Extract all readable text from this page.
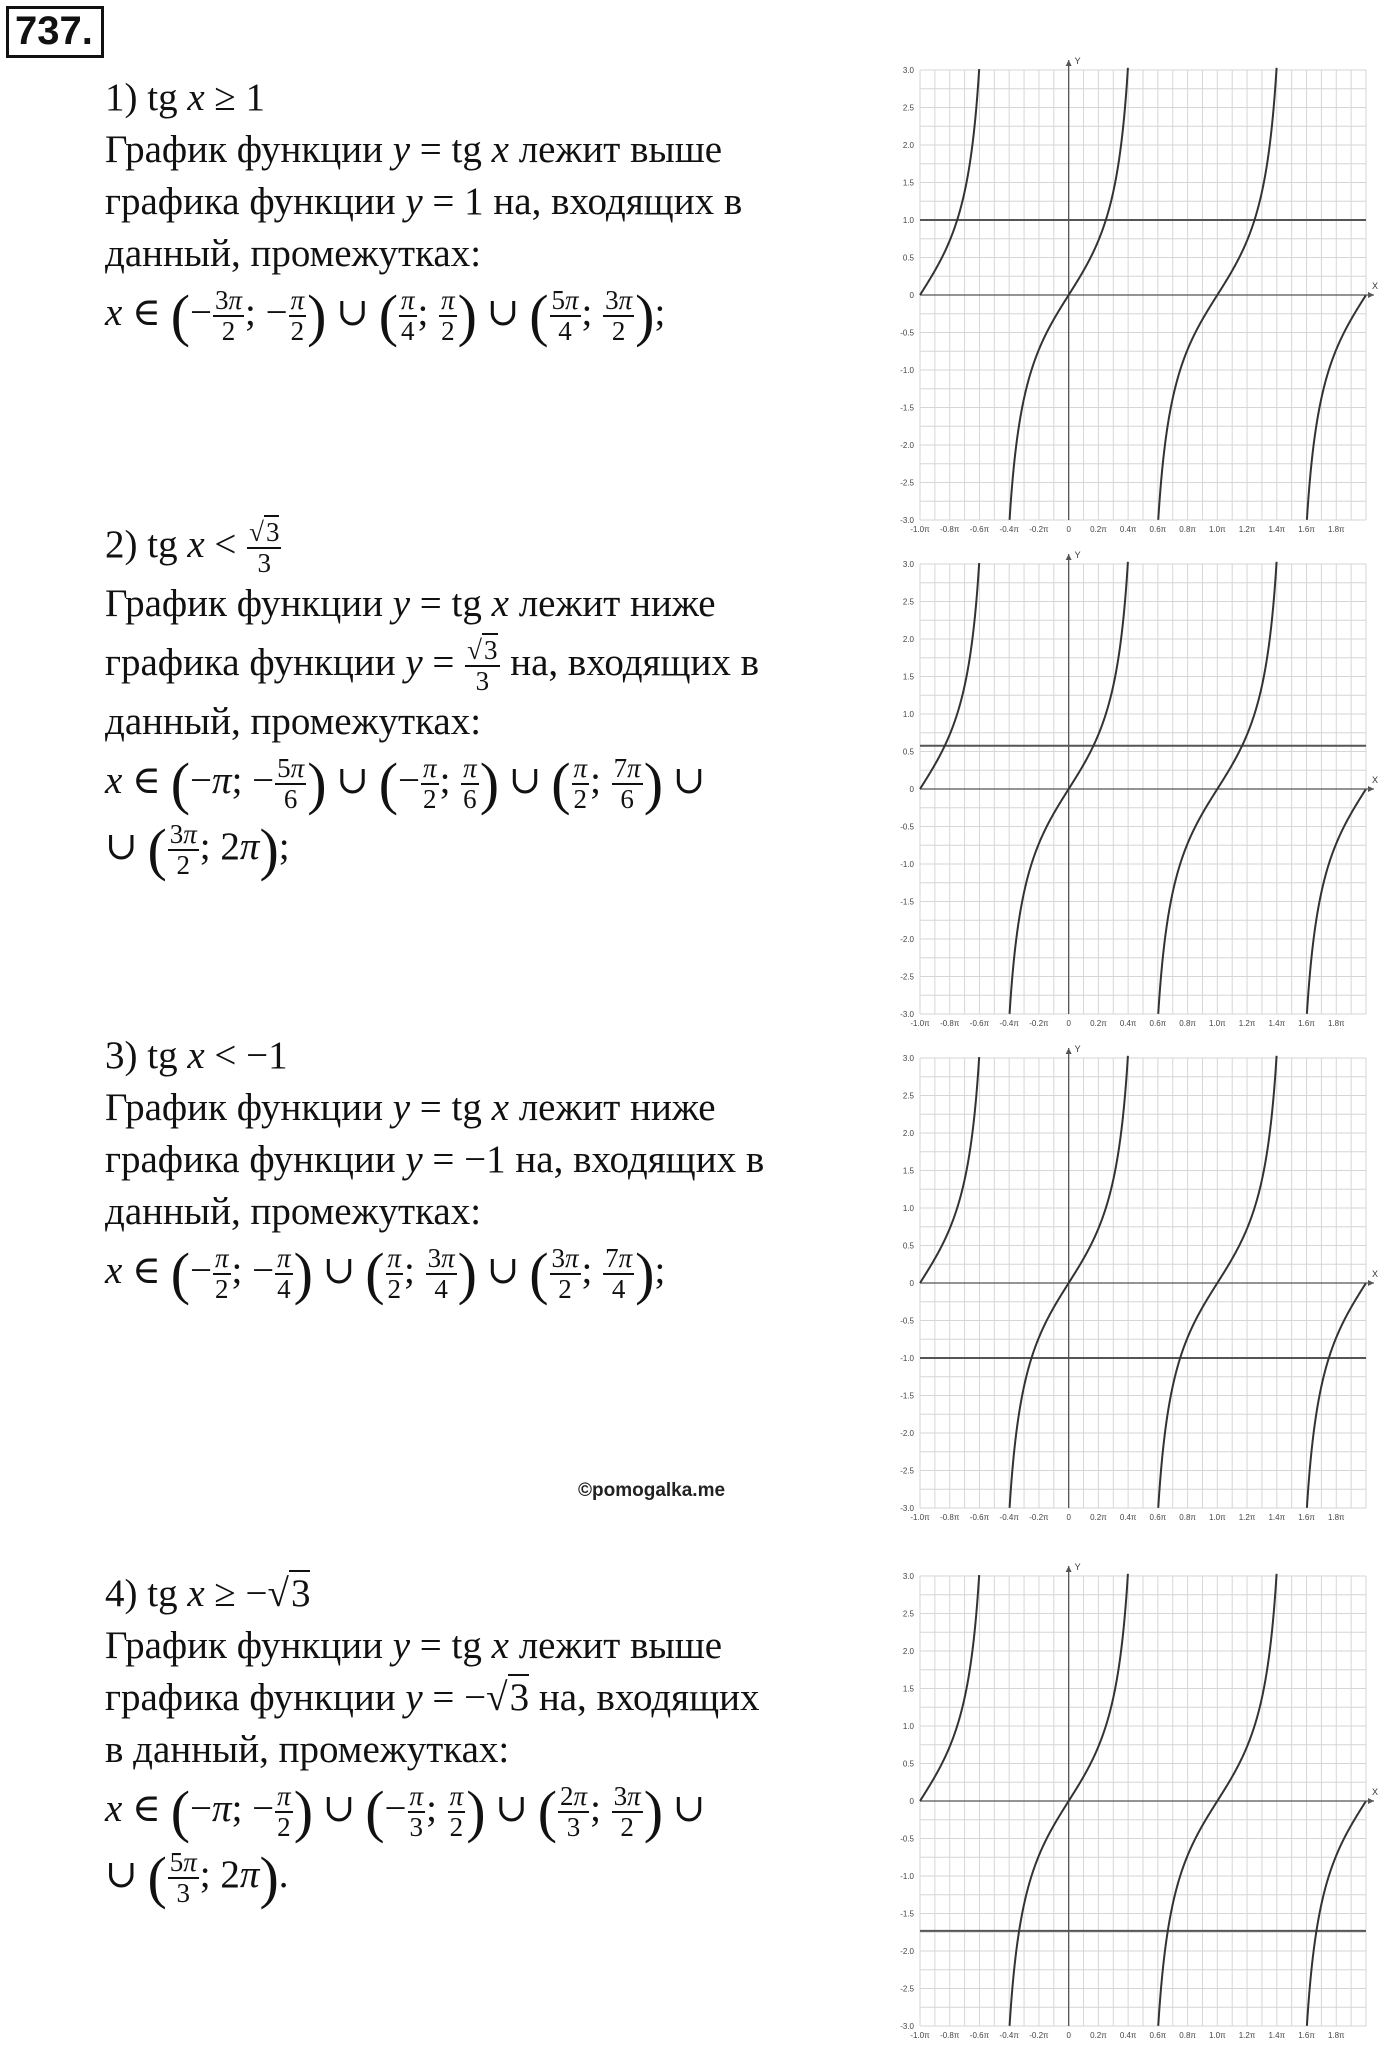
737.
1) tg x ≥ 1
График функции y = tg x лежит выше
графика функции y = 1 на, входящих в
данный, промежутках:
x ∈ (− $\frac{3\pi}{2}$ ; − $\frac{\pi}{2}$ ) ∪ ( $\frac{\pi}{4}$ ; $\frac{\pi}{2}$ ) ∪ ( $\frac{5\pi}{4}$ ; $\frac{3\pi}{2}$ );
2) tg $x < \frac{√3}{3}$
График функции y = tg x лежит ниже
графика функции $y = \frac{√3}{3}$ на, входящих в
данный, промежутках:
x ∈ (−π; − $\frac{5\pi}{6}$ ) ∪ (− $\frac{\pi}{2}$ ; $\frac{\pi}{6}$ ) ∪ ( $\frac{\pi}{2}$ ; $\frac{7\pi}{6}$ ) ∪
∪ ( $\frac{3\pi}{2}$ ; 2π);
3) tg x < −1
График функции y = tg x лежит ниже
графика функции y = −1 на, входящих в
данный, промежутках:
x ∈ (− $\frac{\pi}{2}$ ; − $\frac{\pi}{4}$ ) ∪ ( $\frac{\pi}{2}$ ; $\frac{3\pi}{4}$ ) ∪ ( $\frac{3\pi}{2}$ ; $\frac{7\pi}{4}$ );
©pomogalka.me
4) tg x ≥ −√3
График функции y = tg x лежит выше
графика функции y = −√3 на, входящих
в данный, промежутках:
x ∈ (−π; − $\frac{\pi}{2}$ ) ∪ (− $\frac{\pi}{3}$ ; $\frac{\pi}{2}$ ) ∪ ( $\frac{2\pi}{3}$ ; $\frac{3\pi}{2}$ ) ∪
∪ ( $\frac{5\pi}{3}$ ; 2π).
3.0
2.5
2.0
1.5
1.0
0.5
0
-0.5
-1.0
-1.5
-2.0
-2.5
-3.0
-1.0π -0.8π -0.6π -0.4π -0.2π 0 0.2π 0.4π 0.6π 0.8π 1.0π 1.2π 1.4π 1.6π 1.8π
X
Y
3.0
2.5
2.0
1.5
1.0
0.5
0
-0.5
-1.0
-1.5
-2.0
-2.5
-3.0
-1.0π -0.8π -0.6π -0.4π -0.2π 0 0.2π 0.4π 0.6π 0.8π 1.0π 1.2π 1.4π 1.6π 1.8π
X
Y
3.0
2.5
2.0
1.5
1.0
0.5
0
-0.5
-1.0
-1.5
-2.0
-2.5
-3.0
-1.0π -0.8π -0.6π -0.4π -0.2π 0 0.2π 0.4π 0.6π 0.8π 1.0π 1.2π 1.4π 1.6π 1.8π
X
Y
3.0
2.5
2.0
1.5
1.0
0.5
0
-0.5
-1.0
-1.5
-2.0
-2.5
-3.0
-1.0π -0.8π -0.6π -0.4π -0.2π 0 0.2π 0.4π 0.6π 0.8π 1.0π 1.2π 1.4π 1.6π 1.8π
X
Y
